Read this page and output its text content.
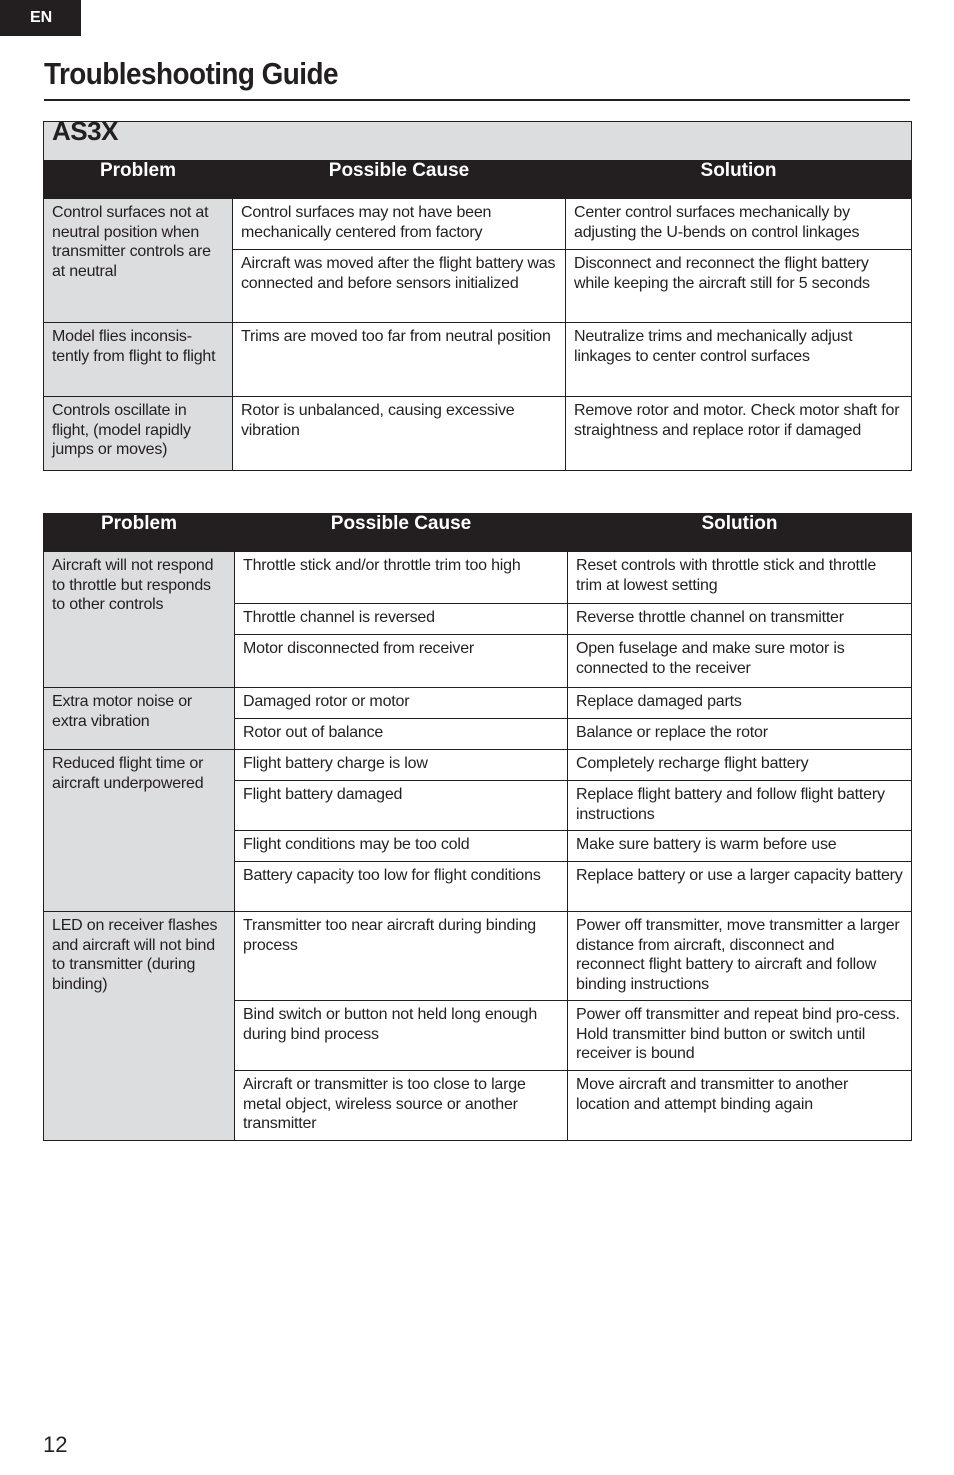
EN
Troubleshooting Guide
AS3X		
Problem	Possible Cause	Solution
Control surfaces not at neutral position when transmitter controls are at neutral	Control surfaces may not have been mechanically centered from factory	Center control surfaces mechanically by adjusting the U-bends on control linkages
	Aircraft was moved after the flight battery was connected and before sensors initialized	Disconnect and reconnect the flight battery while keeping the aircraft still for 5 seconds
Model flies inconsis-tently from flight to flight	Trims are moved too far from neutral position	Neutralize trims and mechanically adjust linkages to center control surfaces
Controls oscillate in flight, (model rapidly jumps or moves)	Rotor is unbalanced, causing excessive vibration	Remove rotor and motor. Check motor shaft for straightness and replace rotor if damaged
Problem	Possible Cause	Solution
Aircraft will not respond to throttle but responds to other controls	Throttle stick and/or throttle trim too high	Reset controls with throttle stick and throttle trim at lowest setting
	Throttle channel is reversed	Reverse throttle channel on transmitter
	Motor disconnected from receiver	Open fuselage and make sure motor is connected to the receiver
Extra motor noise or extra vibration	Damaged rotor or motor	Replace damaged parts
	Rotor out of balance	Balance or replace the rotor
Reduced flight time or aircraft underpowered	Flight battery charge is low	Completely recharge flight battery
	Flight battery damaged	Replace flight battery and follow flight battery instructions
	Flight conditions may be too cold	Make sure battery is warm before use
	Battery capacity too low for flight conditions	Replace battery or use a larger capacity battery
LED on receiver flashes and aircraft will not bind to transmitter (during binding)	Transmitter too near aircraft during binding process	Power off transmitter, move transmitter a larger distance from aircraft, disconnect and reconnect flight battery to aircraft and follow binding instructions
	Bind switch or button not held long enough during bind process	Power off transmitter and repeat bind pro-cess. Hold transmitter bind button or switch until receiver is bound
	Aircraft or transmitter is too close to large metal object, wireless source or another transmitter	Move aircraft and transmitter to another location and attempt binding again
12
